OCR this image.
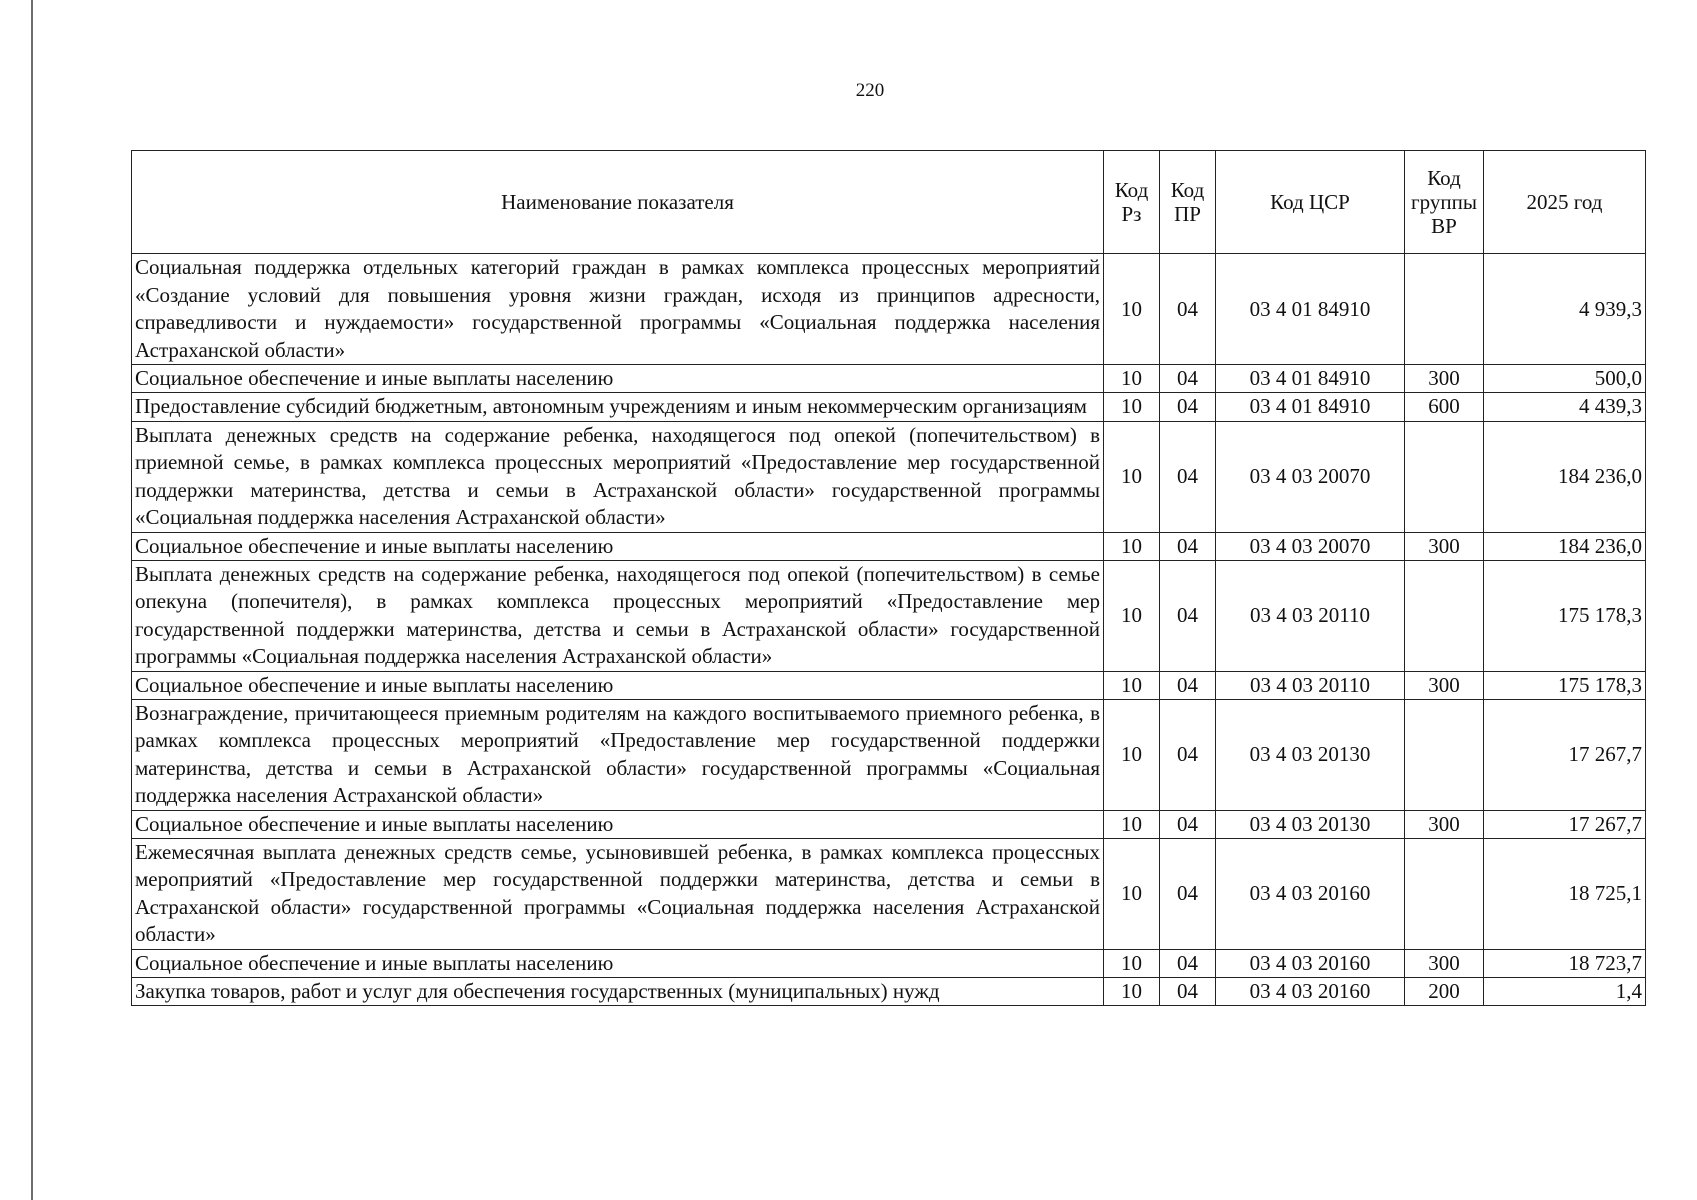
220
Наименование показателя	Код Рз	Код ПР	Код ЦСР	Код группы ВР	2025 год
Социальная поддержка отдельных категорий граждан в рамках комплекса процессных мероприятий «Создание условий для повышения уровня жизни граждан, исходя из принципов адресности, справедливости и нуждаемости» государственной программы «Социальная поддержка населения Астраханской области»	10	04	03 4 01 84910		4 939,3
Социальное обеспечение и иные выплаты населению	10	04	03 4 01 84910	300	500,0
Предоставление субсидий бюджетным, автономным учреждениям и иным некоммерческим организациям	10	04	03 4 01 84910	600	4 439,3
Выплата денежных средств на содержание ребенка, находящегося под опекой (попечительством) в приемной семье, в рамках комплекса процессных мероприятий «Предоставление мер государственной поддержки материнства, детства и семьи в Астраханской области» государственной программы «Социальная поддержка населения Астраханской области»	10	04	03 4 03 20070		184 236,0
Социальное обеспечение и иные выплаты населению	10	04	03 4 03 20070	300	184 236,0
Выплата денежных средств на содержание ребенка, находящегося под опекой (попечительством) в семье опекуна (попечителя), в рамках комплекса процессных мероприятий «Предоставление мер государственной поддержки материнства, детства и семьи в Астраханской области» государственной программы «Социальная поддержка населения Астраханской области»	10	04	03 4 03 20110		175 178,3
Социальное обеспечение и иные выплаты населению	10	04	03 4 03 20110	300	175 178,3
Вознаграждение, причитающееся приемным родителям на каждого воспитываемого приемного ребенка, в рамках комплекса процессных мероприятий «Предоставление мер государственной поддержки материнства, детства и семьи в Астраханской области» государственной программы «Социальная поддержка населения Астраханской области»	10	04	03 4 03 20130		17 267,7
Социальное обеспечение и иные выплаты населению	10	04	03 4 03 20130	300	17 267,7
Ежемесячная выплата денежных средств семье, усыновившей ребенка, в рамках комплекса процессных мероприятий «Предоставление мер государственной поддержки материнства, детства и семьи в Астраханской области» государственной программы «Социальная поддержка населения Астраханской области»	10	04	03 4 03 20160		18 725,1
Социальное обеспечение и иные выплаты населению	10	04	03 4 03 20160	300	18 723,7
Закупка товаров, работ и услуг для обеспечения государственных (муниципальных) нужд	10	04	03 4 03 20160	200	1,4
